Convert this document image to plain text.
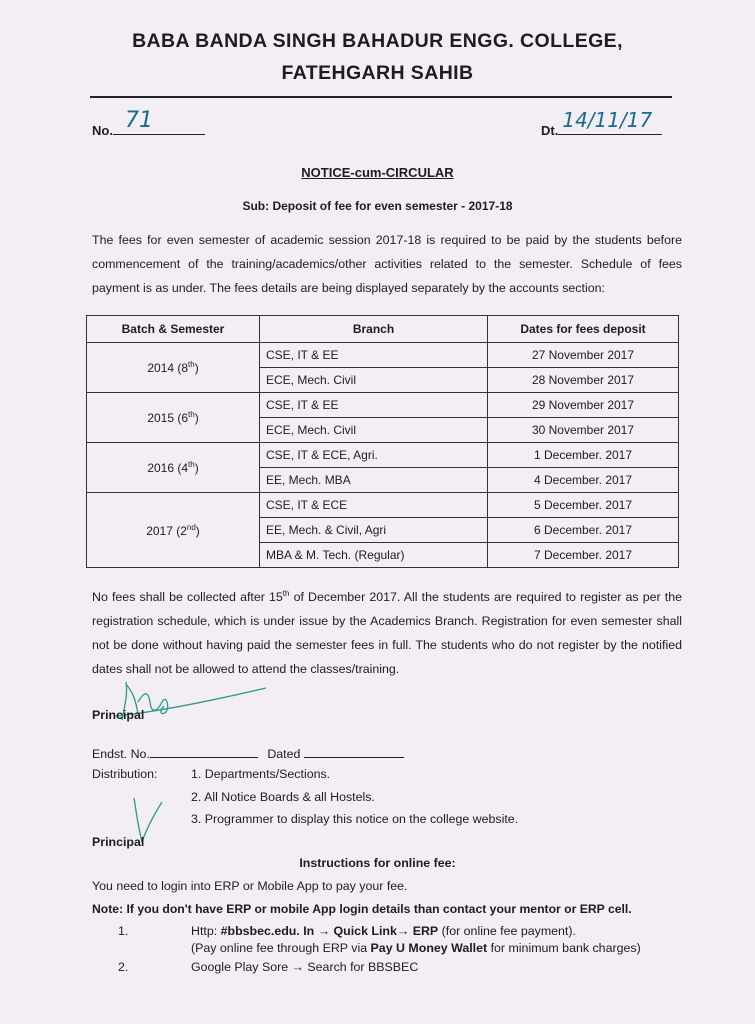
BABA BANDA SINGH BAHADUR ENGG. COLLEGE,
FATEHGARH SAHIB
No. 71	Dt. 14/11/17
NOTICE-cum-CIRCULAR
Sub: Deposit of fee for even semester - 2017-18
The fees for even semester of academic session 2017-18 is required to be paid by the students before commencement of the training/academics/other activities related to the semester. Schedule of fees payment is as under. The fees details are being displayed separately by the accounts section:
Batch & Semester	Branch	Dates for fees deposit
2014 (8th)	CSE, IT & EE	27 November 2017
	ECE, Mech. Civil	28 November 2017
2015 (6th)	CSE, IT & EE	29 November 2017
	ECE, Mech. Civil	30 November 2017
2016 (4th)	CSE, IT & ECE, Agri.	1 December. 2017
	EE, Mech. MBA	4 December. 2017
2017 (2nd)	CSE, IT & ECE	5 December. 2017
	EE, Mech. & Civil, Agri	6 December. 2017
	MBA & M. Tech. (Regular)	7 December. 2017
No fees shall be collected after 15th of December 2017. All the students are required to register as per the registration schedule, which is under issue by the Academics Branch. Registration for even semester shall not be done without having paid the semester fees in full. The students who do not register by the notified dates shall not be allowed to attend the classes/training.
Principal
Endst. No.	Dated
Distribution:	1. Departments/Sections.
2. All Notice Boards & all Hostels.
3. Programmer to display this notice on the college website.
Principal
Instructions for online fee:
You need to login into ERP or Mobile App to pay your fee.
Note: If you don't have ERP or mobile App login details than contact your mentor or ERP cell.
1.	Http: #bbsbec.edu. In → Quick Link→ ERP (for online fee payment).
(Pay online fee through ERP via Pay U Money Wallet for minimum bank charges)
2.	Google Play Sore → Search for BBSBEC
